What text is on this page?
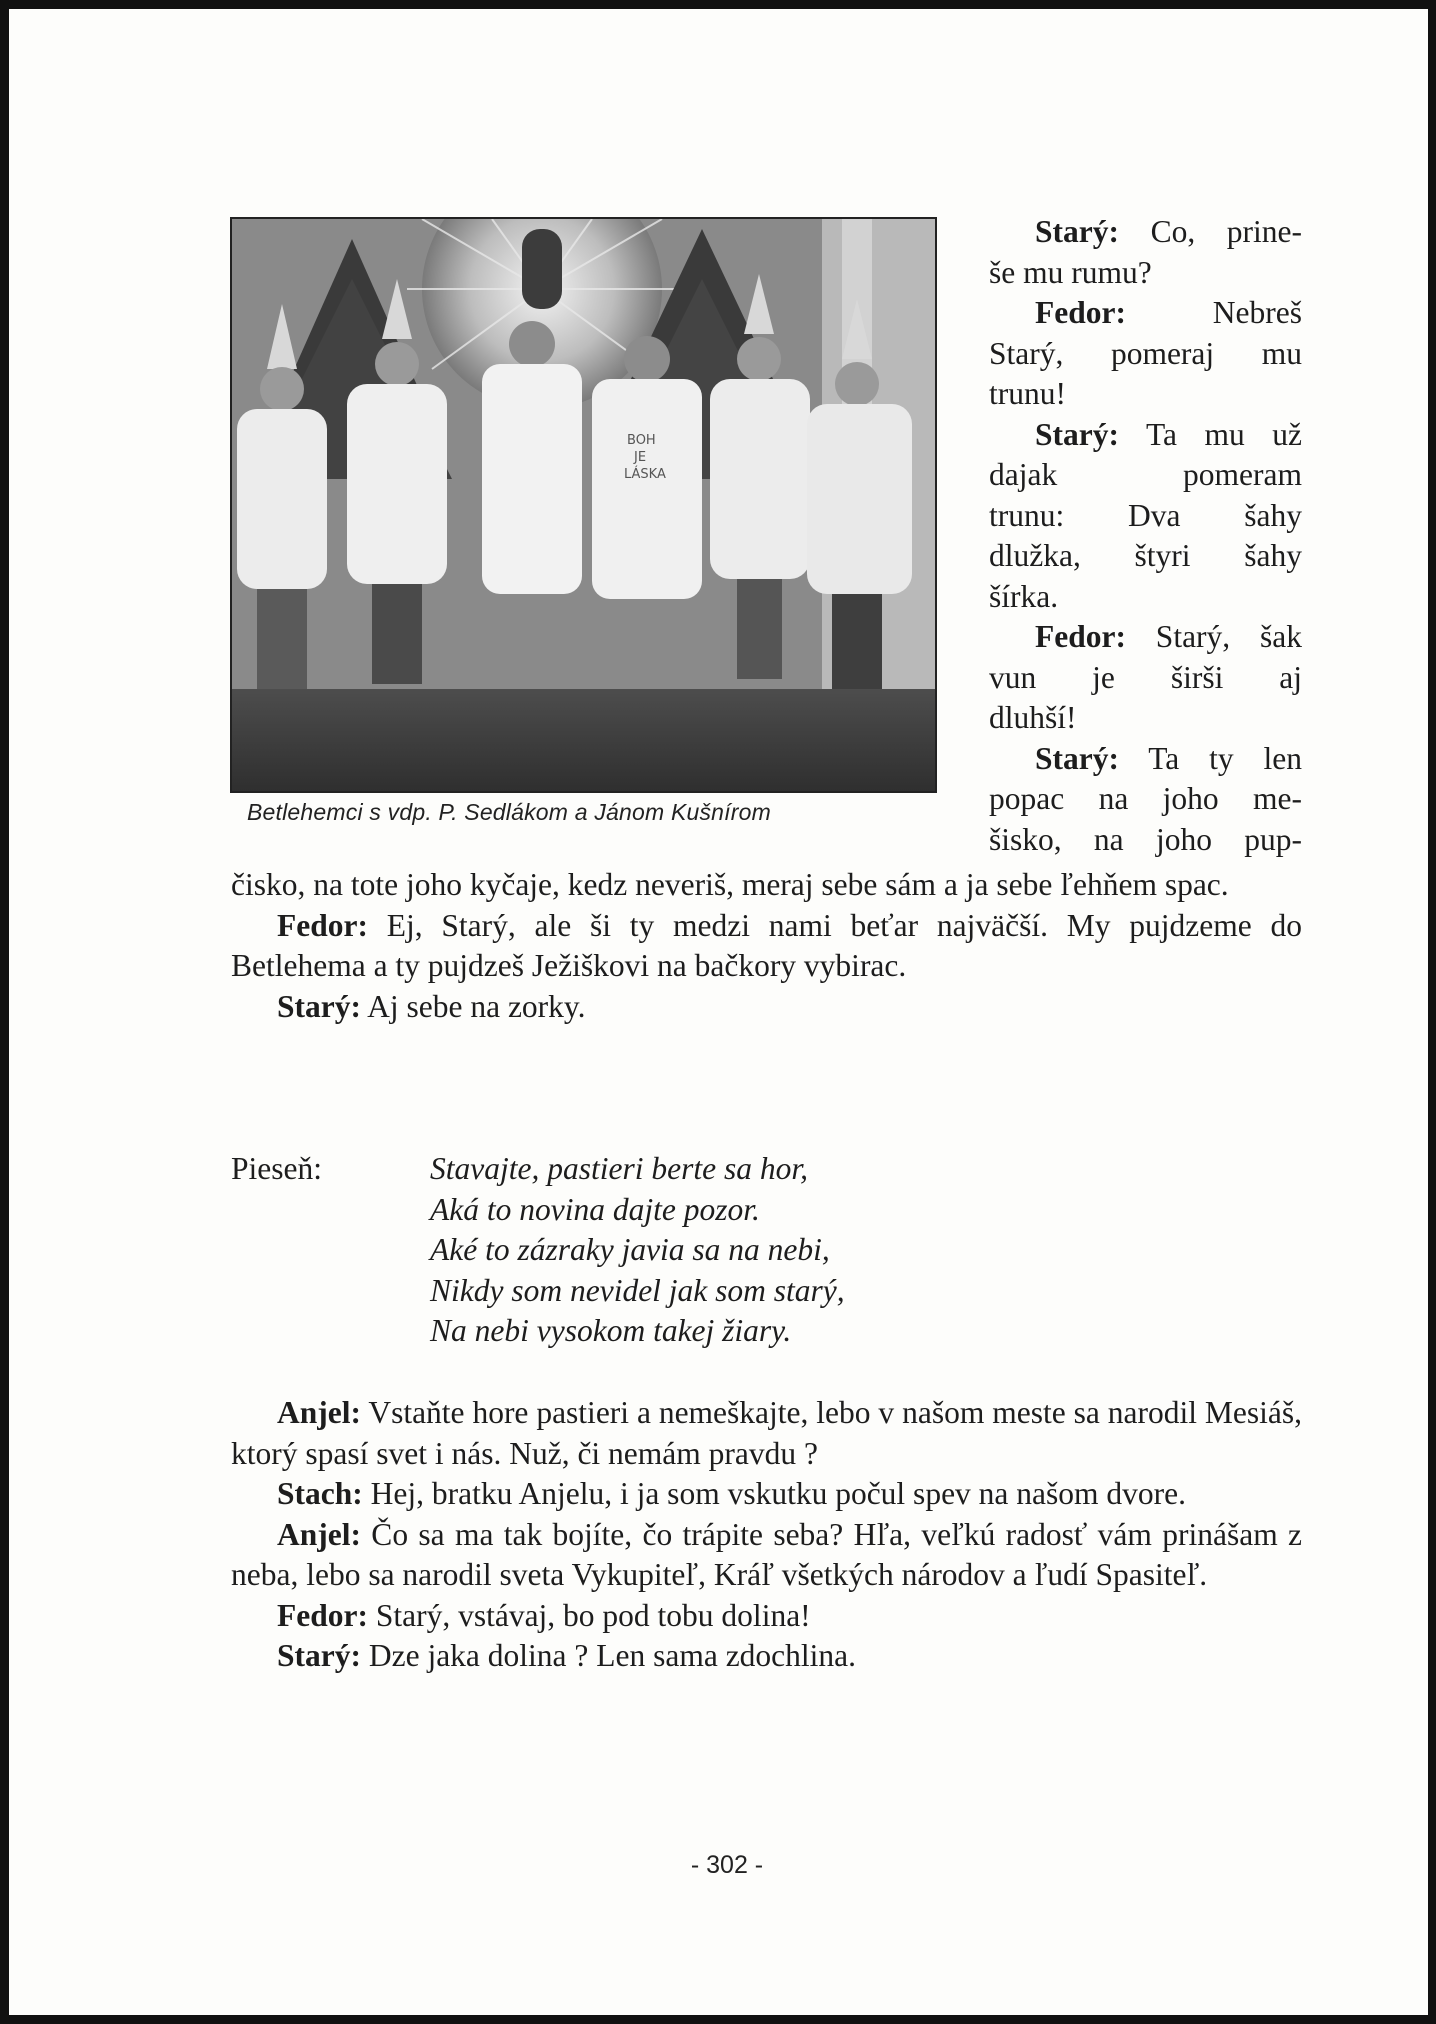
BOH
JE
LÁSKA
Betlehemci s vdp. P. Sedlákom a Jánom Kušnírom

Starý: Co, prine-

še mu rumu?

Fedor: Nebreš

Starý, pomeraj mu

trunu!

Starý: Ta mu už

dajak pomeram

trunu: Dva šahy

dlužka, štyri šahy

šírka.

Fedor: Starý, šak

vun je širši aj

dluhší!

Starý: Ta ty len

popac na joho me-

šisko, na joho pup-

čisko, na tote joho kyčaje, kedz neveriš, meraj sebe sám a ja sebe ľehňem spac.

Fedor: Ej, Starý, ale ši ty medzi nami beťar najväčší. My pujdzeme do Betlehema a ty pujdzeš Ježiškovi na bačkory vybirac.

Starý: Aj sebe na zorky.

Pieseň:	Stavajte, pastieri berte sa hor,
Aká to novina dajte pozor.
Aké to zázraky javia sa na nebi,
Nikdy som nevidel jak som starý,
Na nebi vysokom takej žiary.

Anjel: Vstaňte hore pastieri a nemeškajte, lebo v našom meste sa narodil Mesiáš, ktorý spasí svet i nás. Nuž, či nemám pravdu ?

Stach: Hej, bratku Anjelu, i ja som vskutku počul spev na našom dvore.

Anjel: Čo sa ma tak bojíte, čo trápite seba? Hľa, veľkú radosť vám prinášam z neba, lebo sa narodil sveta Vykupiteľ, Kráľ všetkých národov a ľudí Spasiteľ.

Fedor: Starý, vstávaj, bo pod tobu dolina!

Starý: Dze jaka dolina ? Len sama zdochlina.

- 302 -
